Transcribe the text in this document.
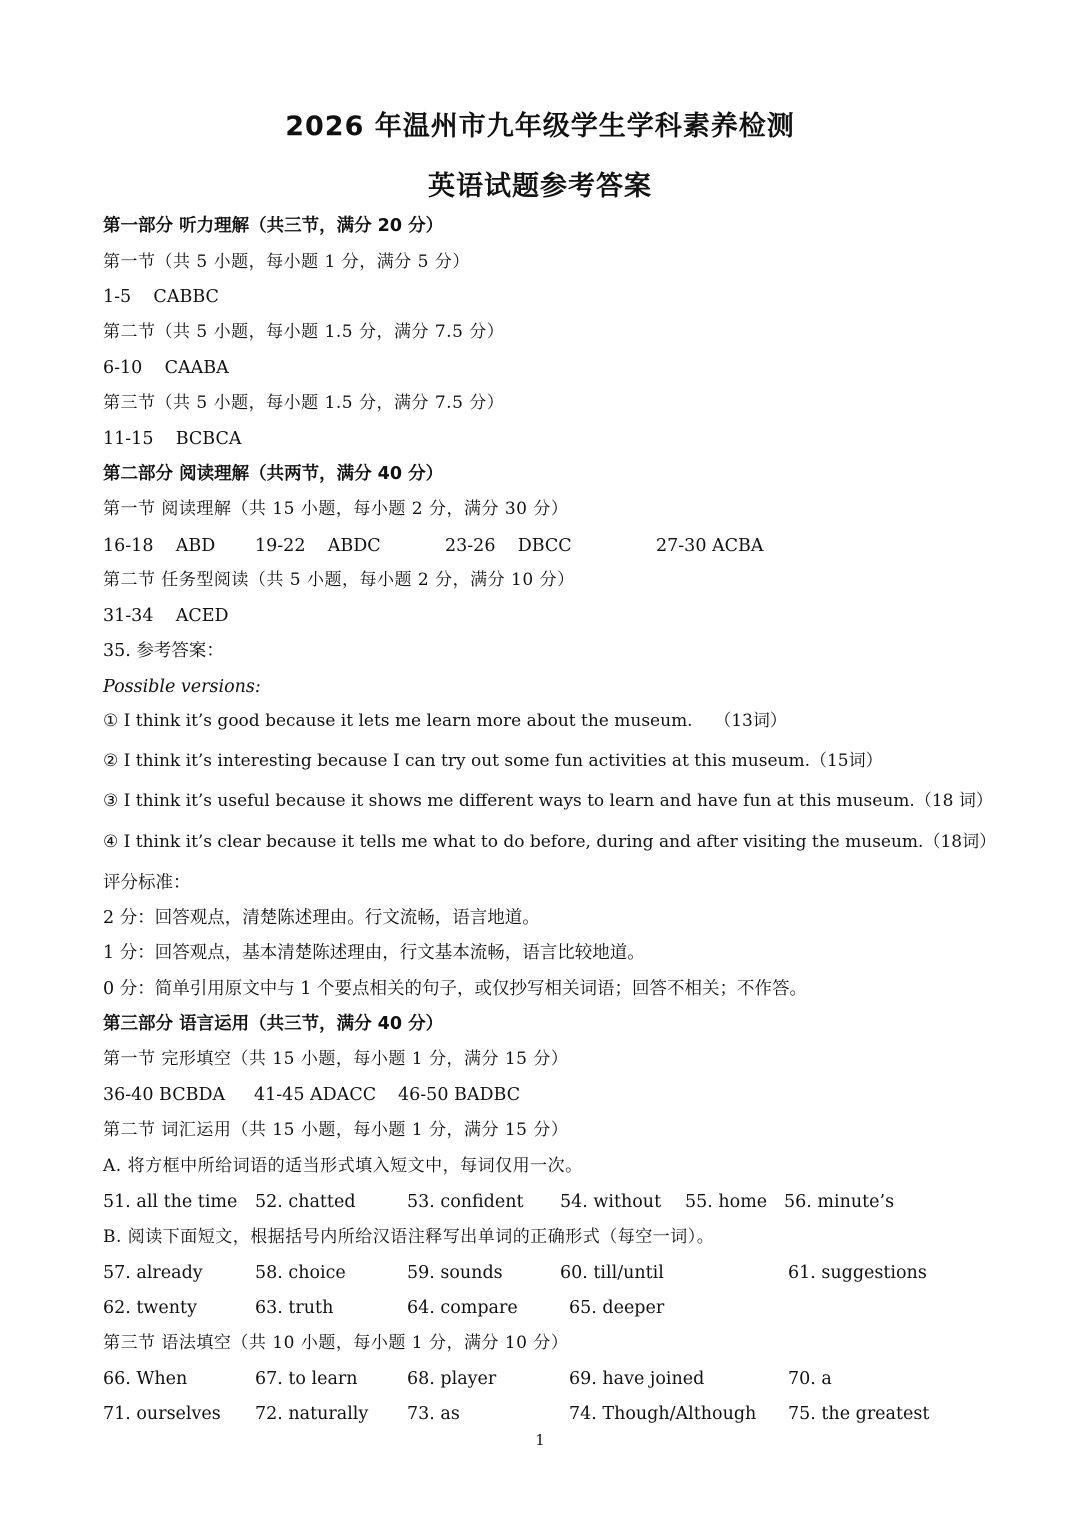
2026 年温州市九年级学生学科素养检测
英语试题参考答案
第一部分 听力理解（共三节，满分 20 分）
第一节（共 5 小题，每小题 1 分，满分 5 分）
1-5    CABBC
第二节（共 5 小题，每小题 1.5 分，满分 7.5 分）
6-10    CAABA
第三节（共 5 小题，每小题 1.5 分，满分 7.5 分）
11-15    BCBCA
第二部分 阅读理解（共两节，满分 40 分）
第一节 阅读理解（共 15 小题，每小题 2 分，满分 30 分）
16-18    ABD 19-22    ABDC	23-26    DBCC	27-30 ACBA
第二节 任务型阅读（共 5 小题，每小题 2 分，满分 10 分）
31-34    ACED
35. 参考答案：
Possible versions:
① I think it’s good because it lets me learn more about the museum.    （13词）
② I think it’s interesting because I can try out some fun activities at this museum.（15词）
③ I think it’s useful because it shows me different ways to learn and have fun at this museum.（18 词）
④ I think it’s clear because it tells me what to do before, during and after visiting the museum.（18词）
评分标准：
2 分：回答观点，清楚陈述理由。行文流畅，语言地道。
1 分：回答观点，基本清楚陈述理由，行文基本流畅，语言比较地道。
0 分：简单引用原文中与 1 个要点相关的句子，或仅抄写相关词语；回答不相关；不作答。
第三部分 语言运用（共三节，满分 40 分）
第一节 完形填空（共 15 小题，每小题 1 分，满分 15 分）
36-40 BCBDA 41-45 ADACC 46-50 BADBC
第二节 词汇运用（共 15 小题，每小题 1 分，满分 15 分）
A. 将方框中所给词语的适当形式填入短文中，每词仅用一次。
51. all the time 52. chatted	53. confident 54. without 55. home 56. minute’s
B. 阅读下面短文，根据括号内所给汉语注释写出单词的正确形式（每空一词）。
57. already	58. choice	59. sounds	60. till/until	61. suggestions
62. twenty	63. truth	64. compare	65. deeper
第三节 语法填空（共 10 小题，每小题 1 分，满分 10 分）
66. When	67. to learn	68. player	69. have joined	70. a
71. ourselves 72. naturally 73. as	74. Though/Although 75. the greatest
1
